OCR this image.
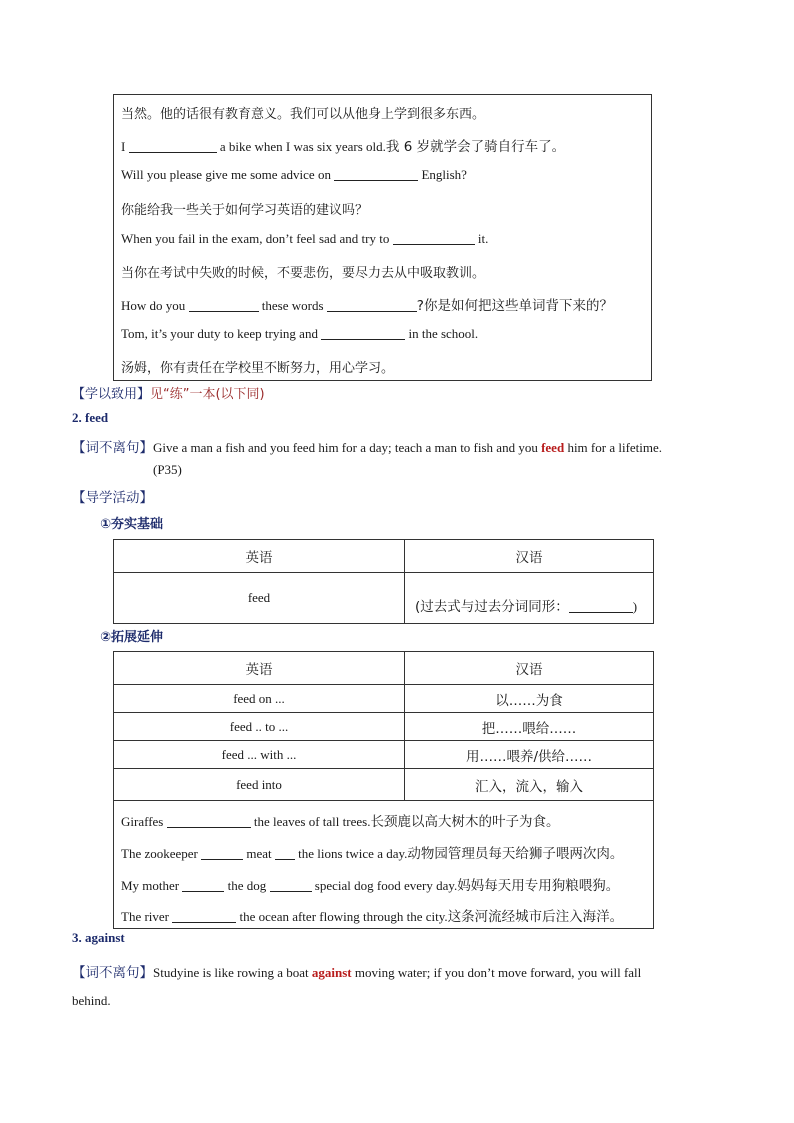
当然。他的话很有教育意义。我们可以从他身上学到很多东西。
I	a bike when I was six years old.我 6 岁就学会了骑自行车了。
Will you please give me some advice on	English?
你能给我一些关于如何学习英语的建议吗？
When you fail in the exam, don’t feel sad and try to	it.
当你在考试中失败的时候，不要悲伤，要尽力去从中吸取教训。
How do you	these words	?你是如何把这些单词背下来的？
Tom, it’s your duty to keep trying and	in the school.
汤姆，你有责任在学校里不断努力，用心学习。
【学以致用】见“练”一本(以下同)
2. feed
【词不离句】Give a man a fish and you feed him for a day; teach a man to fish and you feed him for a lifetime.
(P35)
【导学活动】
①夯实基础
英语	汉语
feed	(过去式与过去分词同形： )
②拓展延伸
英语	汉语
feed on ...	以……为食
feed .. to ...	把……喂给……
feed ... with ...	用……喂养/供给……
feed into	汇入，流入，输入

Giraffes the leaves of tall trees.长颈鹿以高大树木的叶子为食。
The zookeeper meat the lions twice a day.动物园管理员每天给狮子喂两次肉。
My mother the dog special dog food every day.妈妈每天用专用狗粮喂狗。
The river the ocean after flowing through the city.这条河流经城市后注入海洋。	
3. against
【词不离句】Studyine is like rowing a boat against moving water; if you don’t move forward, you will fall
behind.
